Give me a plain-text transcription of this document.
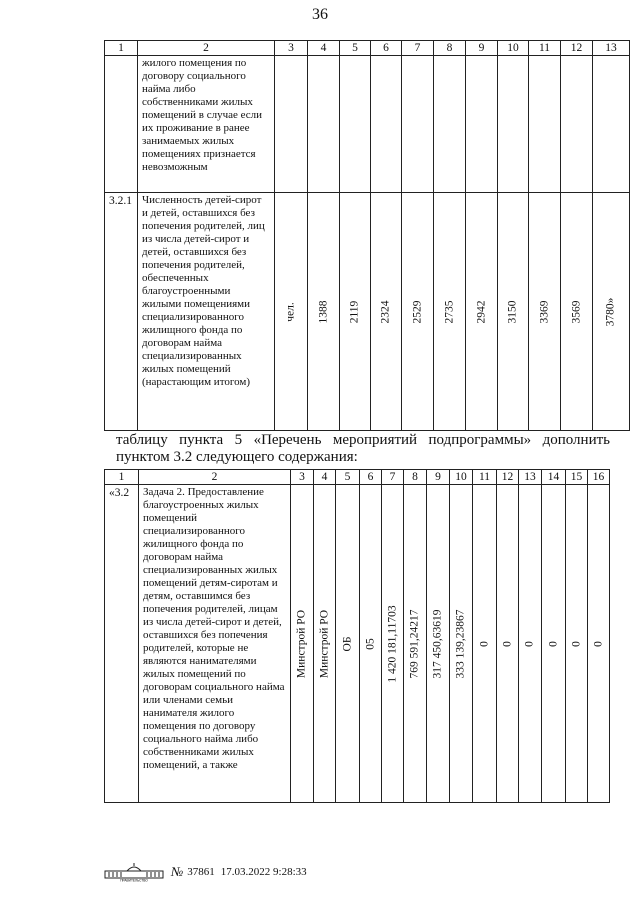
36
1	2	3	4	5	6	7	8	9	10	11	12	13
	жилого помещения по договору социального найма либо собственниками жилых помещений в случае если их проживание в ранее занимаемых жилых помещениях признается невозможным											
3.2.1	Численность детей-сирот и детей, оставшихся без попечения родителей, лиц из числа детей-сирот и детей, оставшихся без попечения родителей, обеспеченных благоустроенными жилыми помещениями специализированного жилищного фонда по договорам найма специализированных жилых помещений (нарастающим итогом)	чел.	1388	2119	2324	2529	2735	2942	3150	3369	3569	3780»
таблицу пункта 5 «Перечень мероприятий подпрограммы» дополнить
пунктом 3.2 следующего содержания:
1	2	3	4	5	6	7	8	9	10	11	12	13	14	15	16
«3.2	Задача 2. Предоставление благоустроенных жилых помещений специализированного жилищного фонда по договорам найма специализированных жилых помещений детям-сиротам и детям, оставшимся без попечения родителей, лицам из числа детей-сирот и детей, оставшихся без попечения родителей, которые не являются нанимателями жилых помещений по договорам социального найма или членами семьи нанимателя жилого помещения по договору социального найма либо собственниками жилых помещений, а также	Минстрой РО	Минстрой РО	ОБ	05	1 420 181,11703	769 591,24217	317 450,63619	333 139,23867	0	0	0	0	0	0
ПРАВИТЕЛЬСТВО
№ 37861 17.03.2022 9:28:33
